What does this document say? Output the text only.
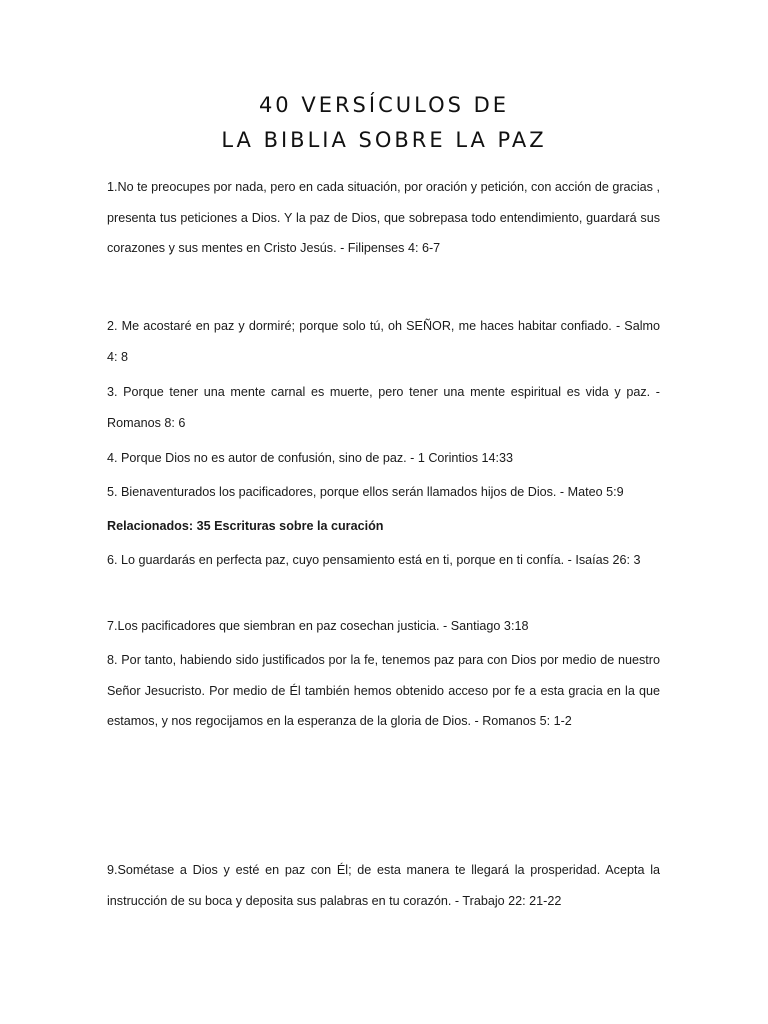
40 VERSÍCULOS DE
LA BIBLIA SOBRE LA PAZ

1.No te preocupes por nada, pero en cada situación, por oración y petición, con acción de gracias , presenta tus peticiones a Dios. Y la paz de Dios, que sobrepasa todo entendimiento, guardará sus corazones y sus mentes en Cristo Jesús. - Filipenses 4: 6-7

2. Me acostaré en paz y dormiré; porque solo tú, oh SEÑOR, me haces habitar confiado. - Salmo 4: 8

3. Porque tener una mente carnal es muerte, pero tener una mente espiritual es vida y paz. - Romanos 8: 6

4. Porque Dios no es autor de confusión, sino de paz. - 1 Corintios 14:33

5. Bienaventurados los pacificadores, porque ellos serán llamados hijos de Dios. - Mateo 5:9

Relacionados: 35 Escrituras sobre la curación

6. Lo guardarás en perfecta paz, cuyo pensamiento está en ti, porque en ti confía. - Isaías 26: 3

7.Los pacificadores que siembran en paz cosechan justicia. - Santiago 3:18

8. Por tanto, habiendo sido justificados por la fe, tenemos paz para con Dios por medio de nuestro Señor Jesucristo. Por medio de Él también hemos obtenido acceso por fe a esta gracia en la que estamos, y nos regocijamos en la esperanza de la gloria de Dios. - Romanos 5: 1-2

9.Sométase a Dios y esté en paz con Él; de esta manera te llegará la prosperidad. Acepta la instrucción de su boca y deposita sus palabras en tu corazón. - Trabajo 22: 21-22
